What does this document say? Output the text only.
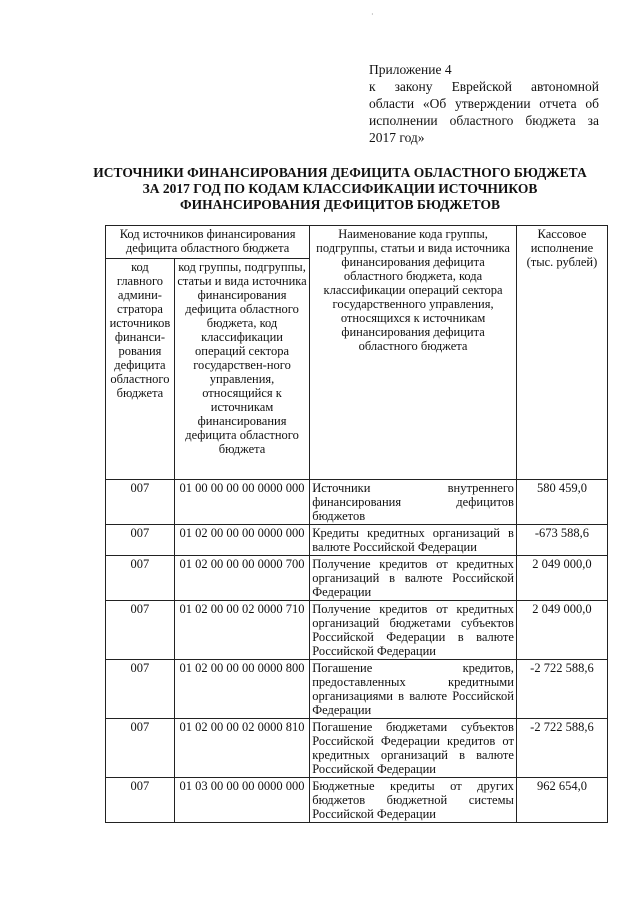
·
Приложение 4
к закону Еврейской автономной области «Об утверждении отчета об исполнении областного бюджета за 2017 год»
ИСТОЧНИКИ ФИНАНСИРОВАНИЯ ДЕФИЦИТА ОБЛАСТНОГО БЮДЖЕТА
ЗА 2017 ГОД ПО КОДАМ КЛАССИФИКАЦИИ ИСТОЧНИКОВ
ФИНАНСИРОВАНИЯ ДЕФИЦИТОВ БЮДЖЕТОВ
Код источников финансирования дефицита областного бюджета		Наименование кода группы, подгруппы, статьи и вида источника финансирования дефицита областного бюджета, кода классификации операций сектора государственного управления, относящихся к источникам финансирования дефицита областного бюджета	Кассовое исполнение (тыс. рублей)
код главного админи-стратора источников финанси-рования дефицита областного бюджета	код группы, подгруппы, статьи и вида источника финансирования дефицита областного бюджета, код классификации операций сектора государствен-ного управления, относящийся к источникам финансирования дефицита областного бюджета		
007	01 00 00 00 00 0000 000	Источники внутреннего финансирования дефицитов бюджетов	580 459,0
007	01 02 00 00 00 0000 000	Кредиты кредитных организаций в валюте Российской Федерации	-673 588,6
007	01 02 00 00 00 0000 700	Получение кредитов от кредитных организаций в валюте Российской Федерации	2 049 000,0
007	01 02 00 00 02 0000 710	Получение кредитов от кредитных организаций бюджетами субъектов Российской Федерации в валюте Российской Федерации	2 049 000,0
007	01 02 00 00 00 0000 800	Погашение кредитов, предоставленных кредитными организациями в валюте Российской Федерации	-2 722 588,6
007	01 02 00 00 02 0000 810	Погашение бюджетами субъектов Российской Федерации кредитов от кредитных организаций в валюте Российской Федерации	-2 722 588,6
007	01 03 00 00 00 0000 000	Бюджетные кредиты от других бюджетов бюджетной системы Российской Федерации	962 654,0
